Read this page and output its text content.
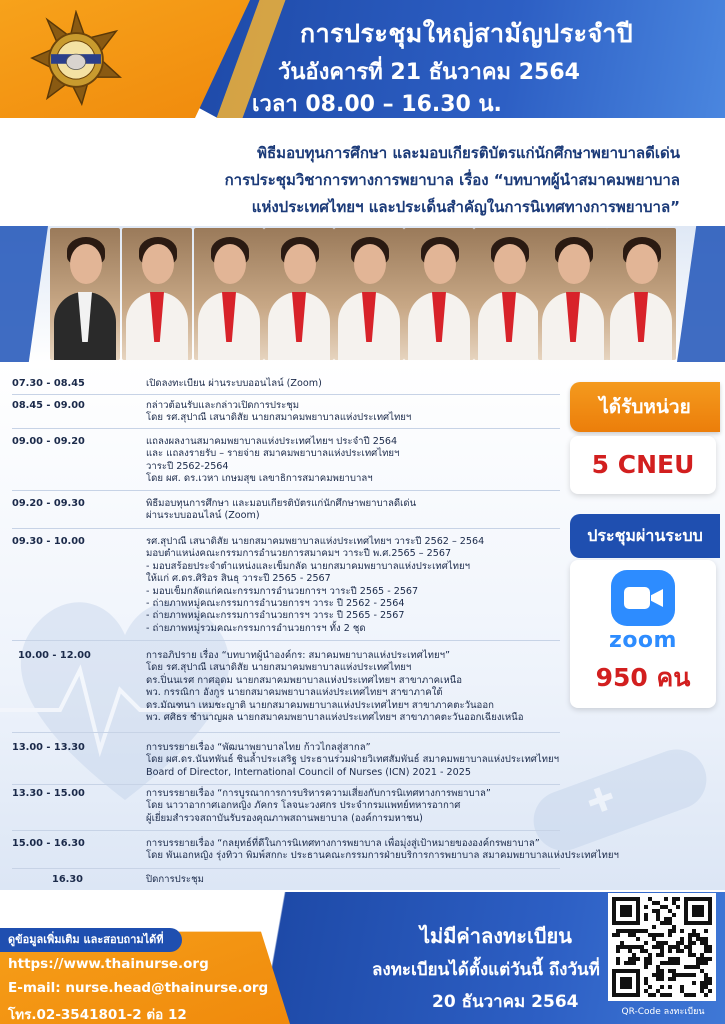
การประชุมใหญ่สามัญประจำปี
วันอังคารที่ 21 ธันวาคม 2564
เวลา 08.00 – 16.30 น.
พิธีมอบทุนการศึกษา และมอบเกียรติบัตรแก่นักศึกษาพยาบาลดีเด่น
การประชุมวิชาการทางการพยาบาล เรื่อง “บทบาทผู้นำสมาคมพยาบาล
แห่งประเทศไทยฯ และประเด็นสำคัญในการนิเทศทางการพยาบาล”
07.30 - 08.45	เปิดลงทะเบียน ผ่านระบบออนไลน์ (Zoom)
08.45 - 09.00	กล่าวต้อนรับและกล่าวเปิดการประชุม
โดย รศ.สุปาณี เสนาดิสัย นายกสมาคมพยาบาลแห่งประเทศไทยฯ
09.00 - 09.20	แถลงผลงานสมาคมพยาบาลแห่งประเทศไทยฯ ประจำปี 2564
และ แถลงรายรับ – รายจ่าย สมาคมพยาบาลแห่งประเทศไทยฯ
วาระปี 2562-2564
โดย ผศ. ดร.เวหา เกษมสุข เลขาธิการสมาคมพยาบาลฯ
09.20 - 09.30	พิธีมอบทุนการศึกษา และมอบเกียรติบัตรแก่นักศึกษาพยาบาลดีเด่น
ผ่านระบบออนไลน์ (Zoom)
09.30 - 10.00	รศ.สุปาณี เสนาดิสัย นายกสมาคมพยาบาลแห่งประเทศไทยฯ วาระปี 2562 – 2564
มอบตำแหน่งคณะกรรมการอำนวยการสมาคมฯ วาระปี พ.ศ.2565 – 2567
- มอบสร้อยประจำตำแหน่งและเข็มกลัด นายกสมาคมพยาบาลแห่งประเทศไทยฯ
ให้แก่ ศ.ดร.ศิริอร สินธุ วาระปี 2565 - 2567
- มอบเข็มกลัดแก่คณะกรรมการอำนวยการฯ วาระปี 2565 - 2567
- ถ่ายภาพหมู่คณะกรรมการอำนวยการฯ วาระ ปี 2562 - 2564
- ถ่ายภาพหมู่คณะกรรมการอำนวยการฯ วาระ ปี 2565 - 2567
- ถ่ายภาพหมู่รวมคณะกรรมการอำนวยการฯ ทั้ง 2 ชุด
10.00 - 12.00	การอภิปราย เรื่อง “บทบาทผู้นำองค์กร: สมาคมพยาบาลแห่งประเทศไทยฯ”
โดย รศ.สุปาณี เสนาดิสัย นายกสมาคมพยาบาลแห่งประเทศไทยฯ
ดร.ปิ่นนเรศ กาศอุดม นายกสมาคมพยาบาลแห่งประเทศไทยฯ สาขาภาคเหนือ
พว. กรรณิกา อังกูร นายกสมาคมพยาบาลแห่งประเทศไทยฯ สาขาภาคใต้
ดร.มัณฑนา เหมชะญาติ นายกสมาคมพยาบาลแห่งประเทศไทยฯ สาขาภาคตะวันออก
พว. ศศิธร ชำนาญผล นายกสมาคมพยาบาลแห่งประเทศไทยฯ สาขาภาคตะวันออกเฉียงเหนือ
13.00 - 13.30	การบรรยายเรื่อง “พัฒนาพยาบาลไทย ก้าวไกลสู่สากล”
โดย ผศ.ดร.นันทพันธ์ ชินล้ำประเสริฐ ประธานร่วมฝ่ายวิเทศสัมพันธ์ สมาคมพยาบาลแห่งประเทศไทยฯ
Board of Director, International Council of Nurses (ICN) 2021 - 2025
13.30 - 15.00	การบรรยายเรื่อง “การบูรณาการการบริหารความเสี่ยงกับการนิเทศทางการพยาบาล”
โดย นาวาอากาศเอกหญิง ภัคกร โลจนะวงศกร ประจำกรมแพทย์ทหารอากาศ
ผู้เยี่ยมสำรวจสถาบันรับรองคุณภาพสถานพยาบาล (องค์การมหาชน)
15.00 - 16.30	การบรรยายเรื่อง “กลยุทธ์ที่ดีในการนิเทศทางการพยาบาล เพื่อมุ่งสู่เป้าหมายขององค์กรพยาบาล”
โดย พันเอกหญิง รุ่งทิวา พิมพ์สกกะ ประธานคณะกรรมการฝ่ายบริการการพยาบาล สมาคมพยาบาลแห่งประเทศไทยฯ
16.30	ปิดการประชุม
ได้รับหน่วย
5 CNEU
ประชุมผ่านระบบ
zoom
950 คน
ดูข้อมูลเพิ่มเติม และสอบถามได้ที่
https://www.thainurse.org
E-mail: nurse.head@thainurse.org
โทร.02-3541801-2 ต่อ 12
ไม่มีค่าลงทะเบียน
ลงทะเบียนได้ตั้งแต่วันนี้ ถึงวันที่
20 ธันวาคม 2564	QR-Code ลงทะเบียน
